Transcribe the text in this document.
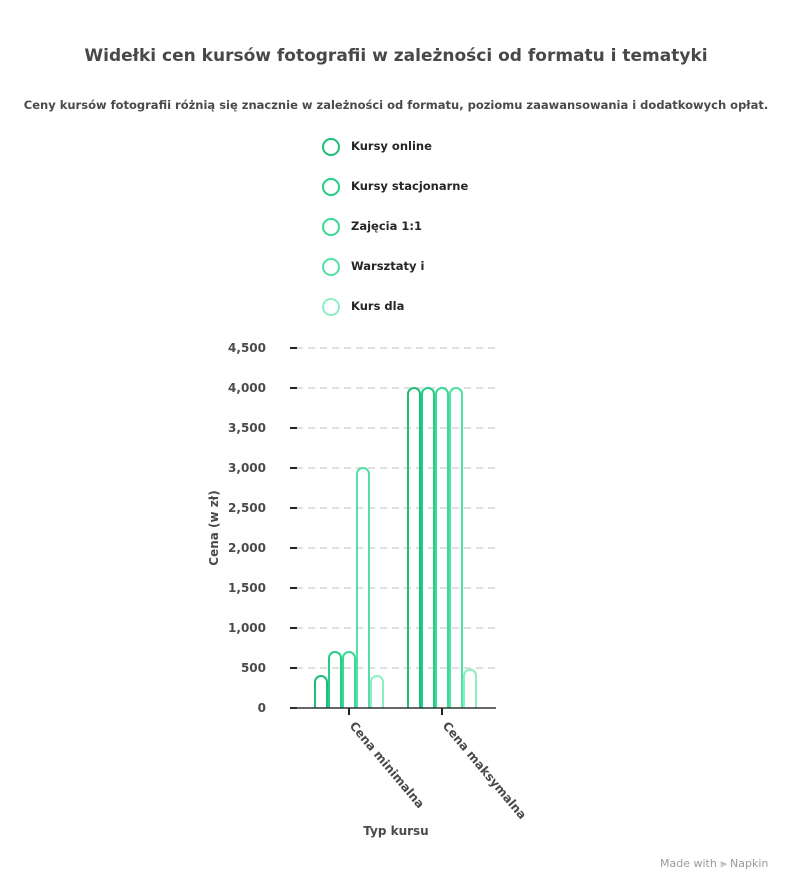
Widełki cen kursów fotografii w zależności od formatu i tematyki

Ceny kursów fotografii różnią się znacznie w zależności od formatu, poziomu zaawansowania i dodatkowych opłat.

Kursy online
Kursy stacjonarne
Zajęcia 1:1
Warsztaty i
Kurs dla
0
500
1,000
1,500
2,000
2,500
3,000
3,500
4,000
4,500
Cena minimalna Cena maksymalna
Typ kursu
Cena (w zł)
Made with ⪢ Napkin
